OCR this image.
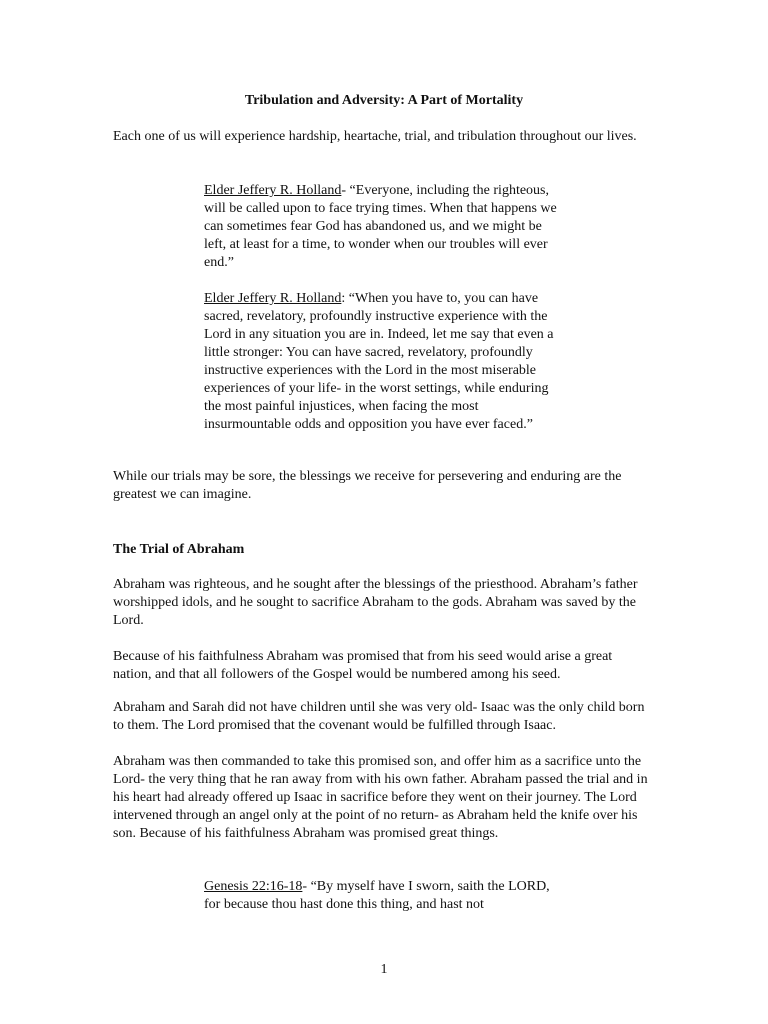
Tribulation and Adversity: A Part of Mortality

Each one of us will experience hardship, heartache, trial, and tribulation throughout our lives.

Elder Jeffery R. Holland- “Everyone, including the righteous, will be called upon to face trying times. When that happens we can sometimes fear God has abandoned us, and we might be left, at least for a time, to wonder when our troubles will ever end.”

Elder Jeffery R. Holland: “When you have to, you can have sacred, revelatory, profoundly instructive experience with the Lord in any situation you are in. Indeed, let me say that even a little stronger: You can have sacred, revelatory, profoundly instructive experiences with the Lord in the most miserable experiences of your life- in the worst settings, while enduring the most painful injustices, when facing the most insurmountable odds and opposition you have ever faced.”

While our trials may be sore, the blessings we receive for persevering and enduring are the greatest we can imagine.

The Trial of Abraham

Abraham was righteous, and he sought after the blessings of the priesthood. Abraham’s father worshipped idols, and he sought to sacrifice Abraham to the gods. Abraham was saved by the Lord.

Because of his faithfulness Abraham was promised that from his seed would arise a great nation, and that all followers of the Gospel would be numbered among his seed.

Abraham and Sarah did not have children until she was very old- Isaac was the only child born to them. The Lord promised that the covenant would be fulfilled through Isaac.

Abraham was then commanded to take this promised son, and offer him as a sacrifice unto the Lord- the very thing that he ran away from with his own father. Abraham passed the trial and in his heart had already offered up Isaac in sacrifice before they went on their journey. The Lord intervened through an angel only at the point of no return- as Abraham held the knife over his son. Because of his faithfulness Abraham was promised great things.

Genesis 22:16-18- “By myself have I sworn, saith the LORD, for because thou hast done this thing, and hast not

1
